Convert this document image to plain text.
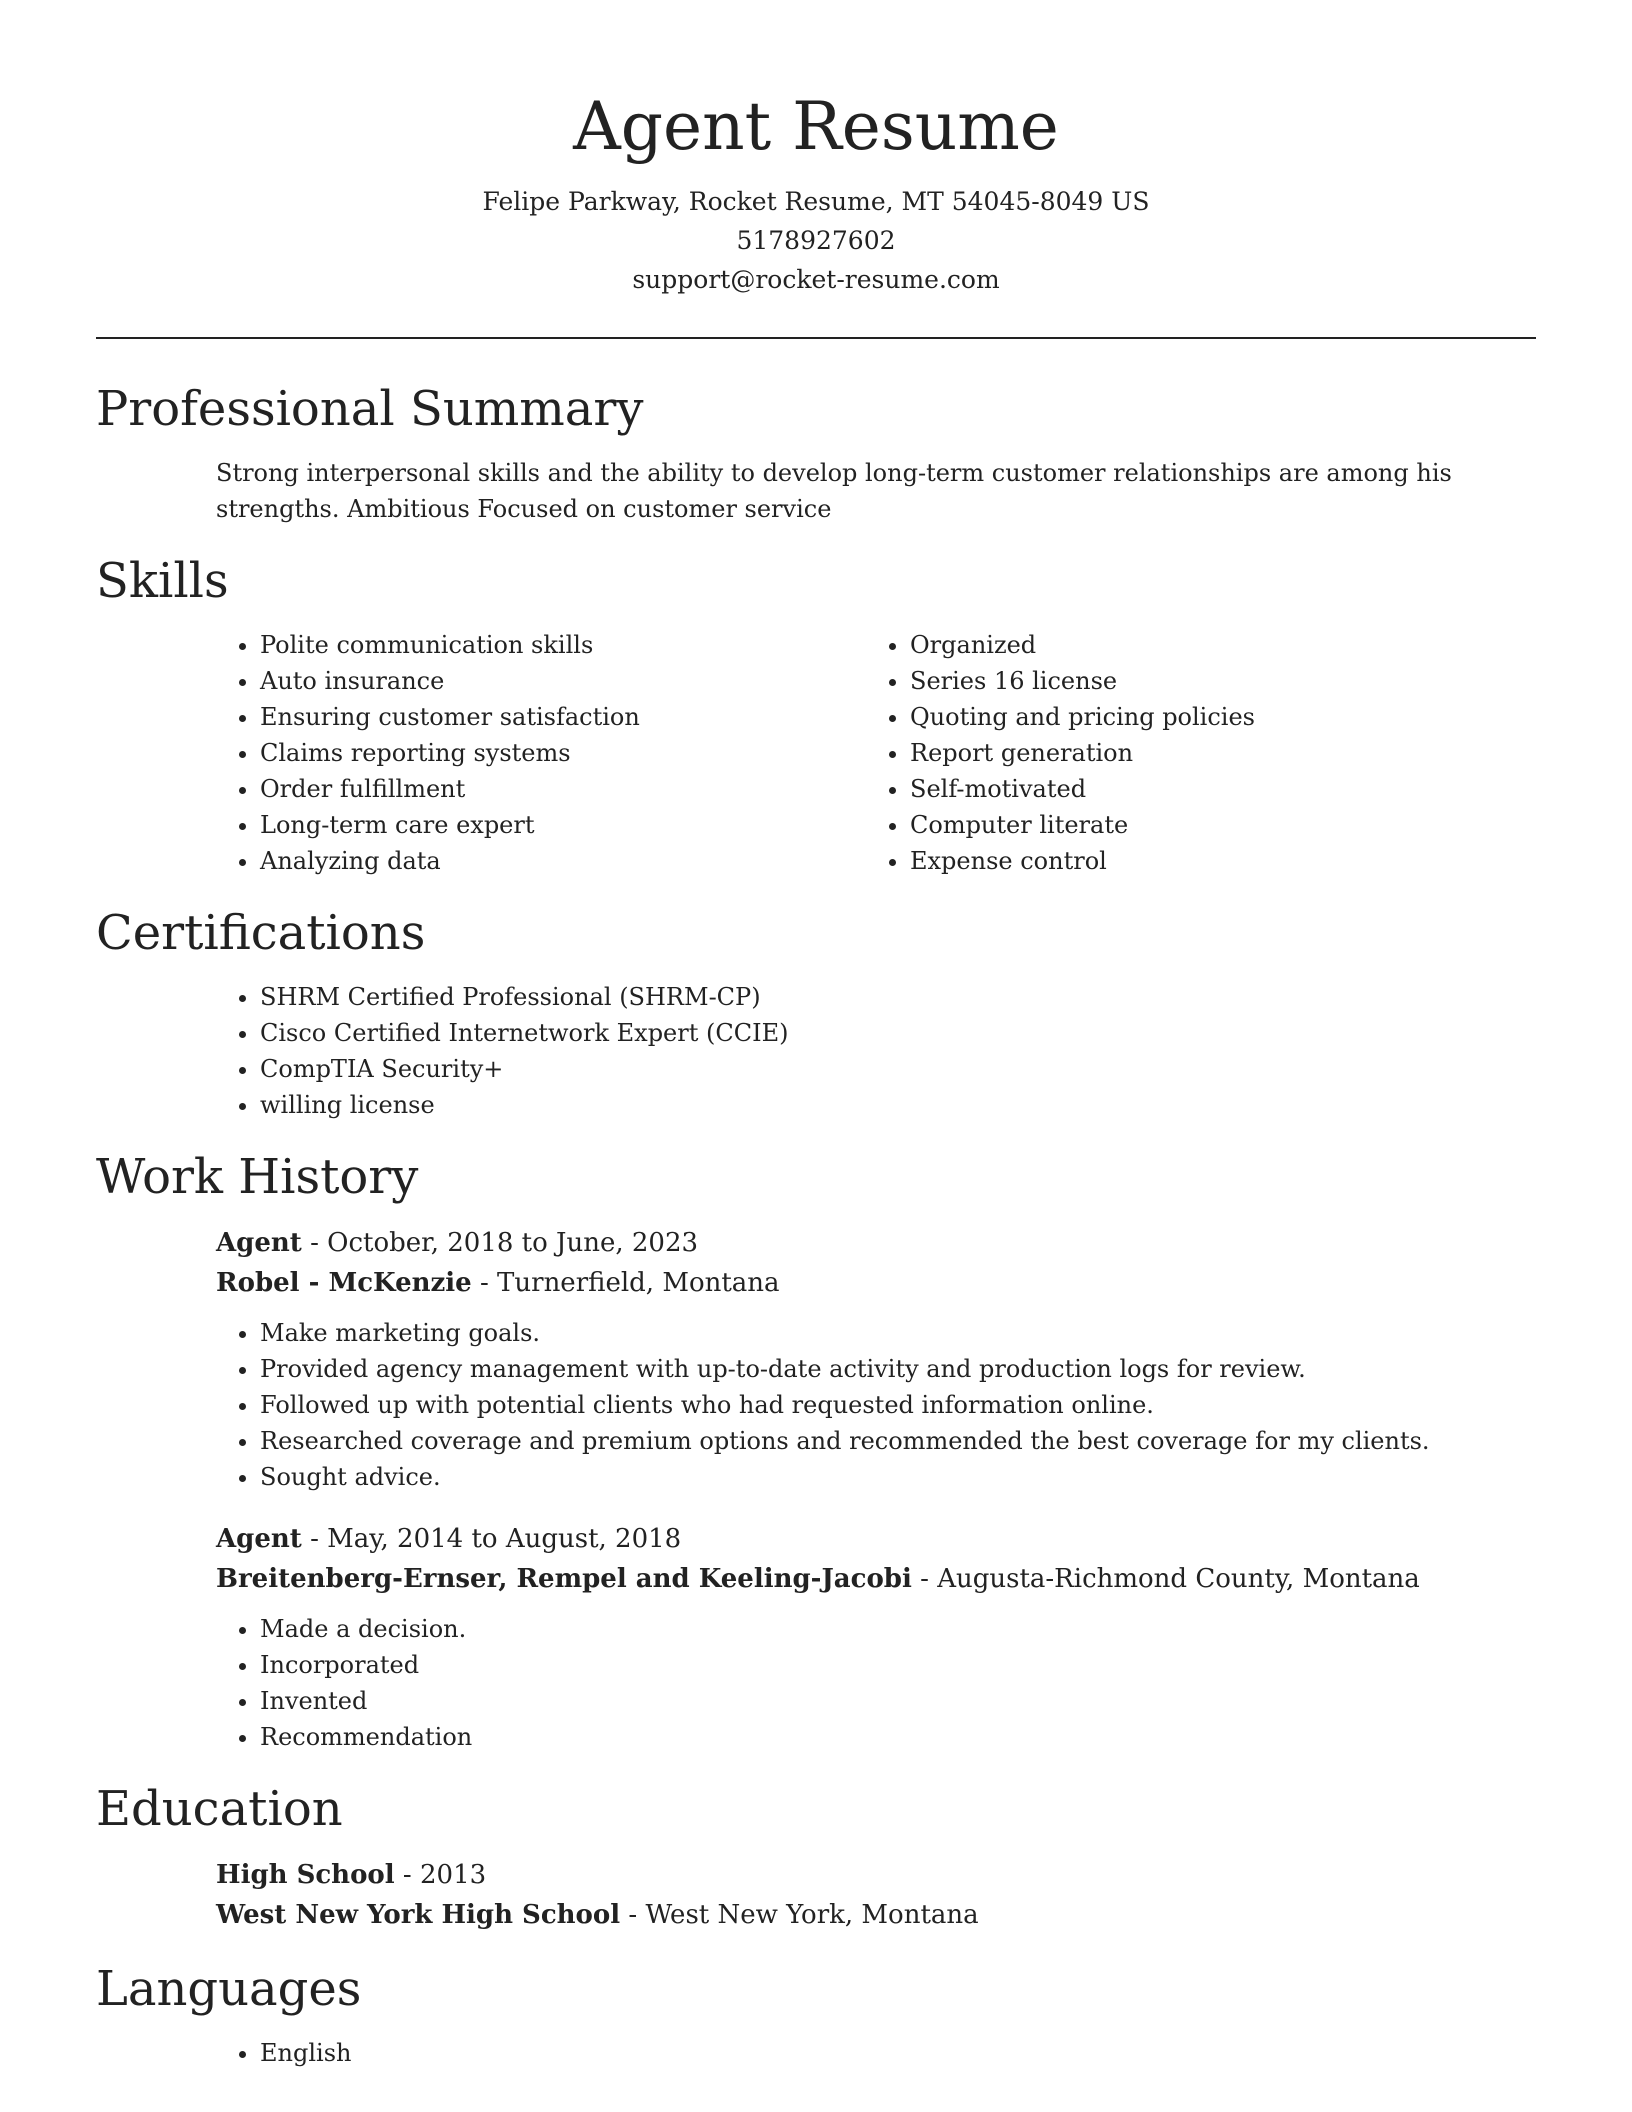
Agent Resume

Felipe Parkway, Rocket Resume, MT 54045-8049 US

5178927602

support@rocket-resume.com

Professional Summary

Strong interpersonal skills and the ability to develop long-term customer relationships are among his strengths. Ambitious Focused on customer service

Skills
• Polite communication skills
• Auto insurance
• Ensuring customer satisfaction
• Claims reporting systems
• Order fulfillment
• Long-term care expert
• Analyzing data
• Organized
• Series 16 license
• Quoting and pricing policies
• Report generation
• Self-motivated
• Computer literate
• Expense control
Certifications
• SHRM Certified Professional (SHRM-CP)
• Cisco Certified Internetwork Expert (CCIE)
• CompTIA Security+
• willing license
Work History

Agent - October, 2018 to June, 2023

Robel - McKenzie - Turnerfield, Montana

• Make marketing goals.
• Provided agency management with up-to-date activity and production logs for review.
• Followed up with potential clients who had requested information online.
• Researched coverage and premium options and recommended the best coverage for my clients.
• Sought advice.

Agent - May, 2014 to August, 2018

Breitenberg-Ernser, Rempel and Keeling-Jacobi - Augusta-Richmond County, Montana

• Made a decision.
• Incorporated
• Invented
• Recommendation
Education

High School - 2013

West New York High School - West New York, Montana

Languages
• English
